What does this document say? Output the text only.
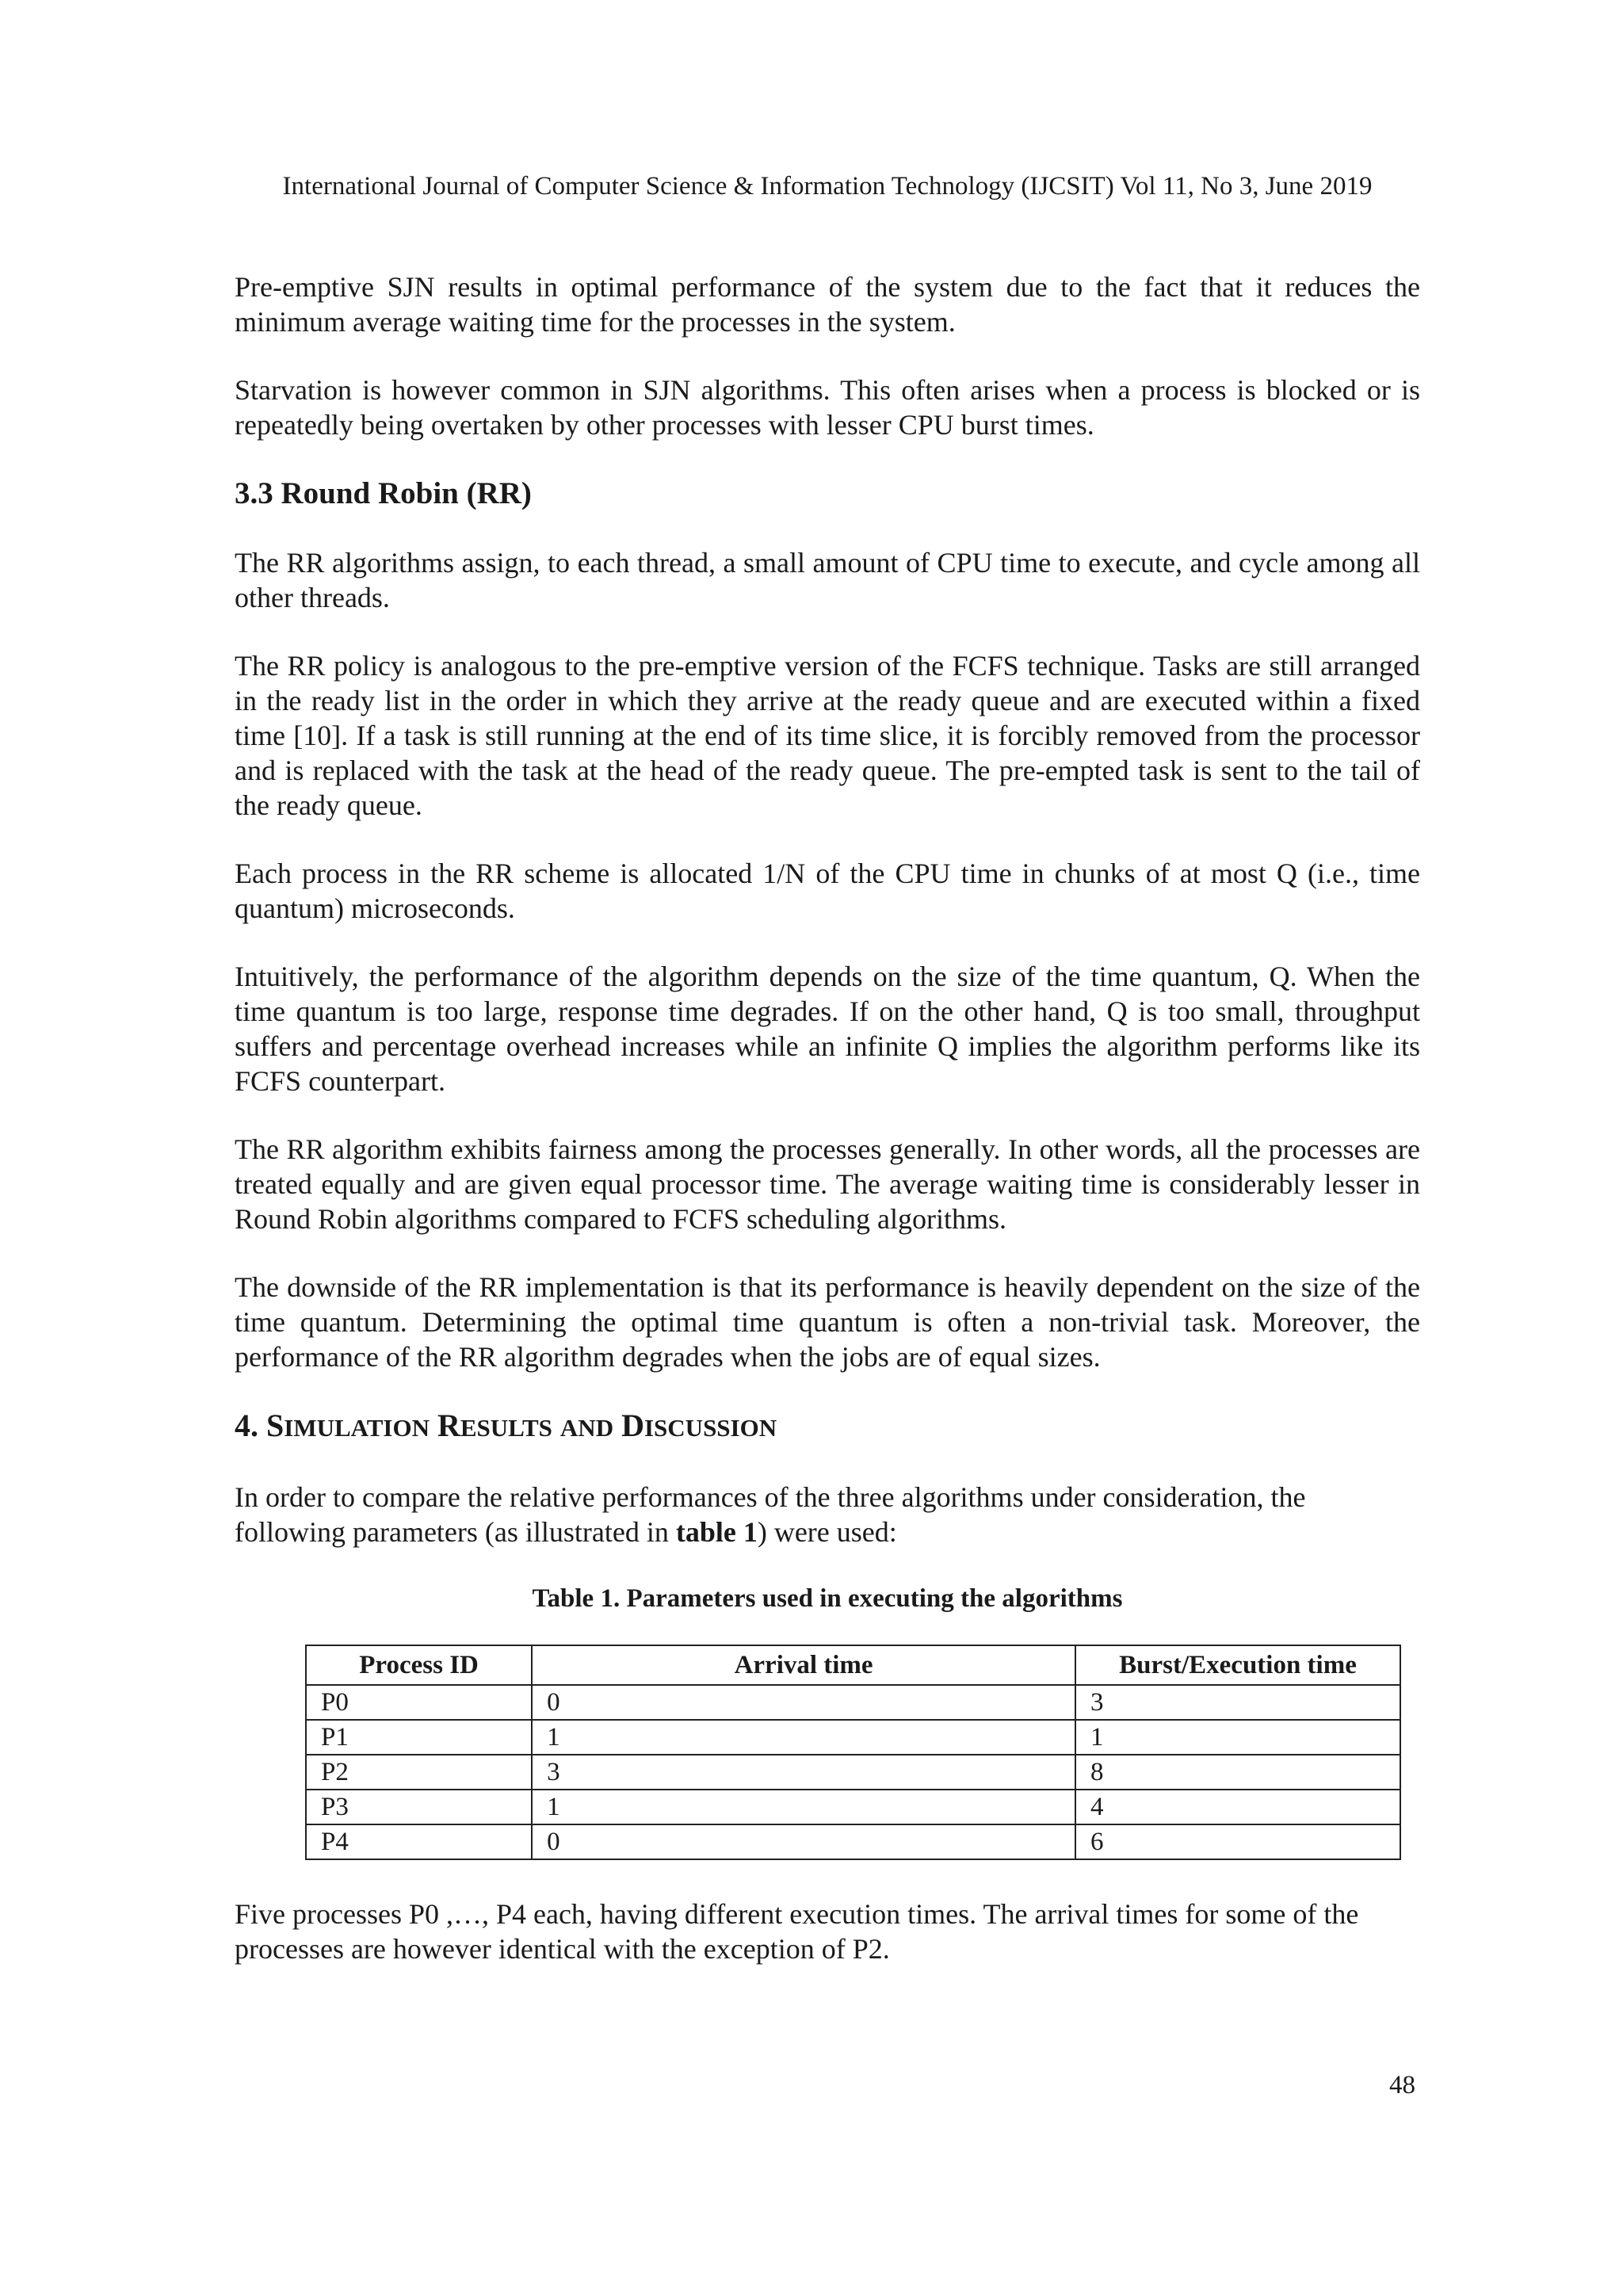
International Journal of Computer Science & Information Technology (IJCSIT) Vol 11, No 3, June 2019

Pre-emptive SJN results in optimal performance of the system due to the fact that it reduces the minimum average waiting time for the processes in the system.

Starvation is however common in SJN algorithms. This often arises when a process is blocked or is repeatedly being overtaken by other processes with lesser CPU burst times.

3.3 Round Robin (RR)

The RR algorithms assign, to each thread, a small amount of CPU time to execute, and cycle among all other threads.

The RR policy is analogous to the pre-emptive version of the FCFS technique. Tasks are still arranged in the ready list in the order in which they arrive at the ready queue and are executed within a fixed time [10]. If a task is still running at the end of its time slice, it is forcibly removed from the processor and is replaced with the task at the head of the ready queue. The pre-empted task is sent to the tail of the ready queue.

Each process in the RR scheme is allocated 1/N of the CPU time in chunks of at most Q (i.e., time quantum) microseconds.

Intuitively, the performance of the algorithm depends on the size of the time quantum, Q. When the time quantum is too large, response time degrades. If on the other hand, Q is too small, throughput suffers and percentage overhead increases while an infinite Q implies the algorithm performs like its FCFS counterpart.

The RR algorithm exhibits fairness among the processes generally. In other words, all the processes are treated equally and are given equal processor time. The average waiting time is considerably lesser in Round Robin algorithms compared to FCFS scheduling algorithms.

The downside of the RR implementation is that its performance is heavily dependent on the size of the time quantum. Determining the optimal time quantum is often a non-trivial task. Moreover, the performance of the RR algorithm degrades when the jobs are of equal sizes.

4. SIMULATION RESULTS AND DISCUSSION

In order to compare the relative performances of the three algorithms under consideration, the following parameters (as illustrated in table 1) were used:

Table 1. Parameters used in executing the algorithms
Process ID	Arrival time	Burst/Execution time
P0	0	3
P1	1	1
P2	3	8
P3	1	4
P4	0	6

Five processes P0 ,…, P4 each, having different execution times. The arrival times for some of the processes are however identical with the exception of P2.

48
